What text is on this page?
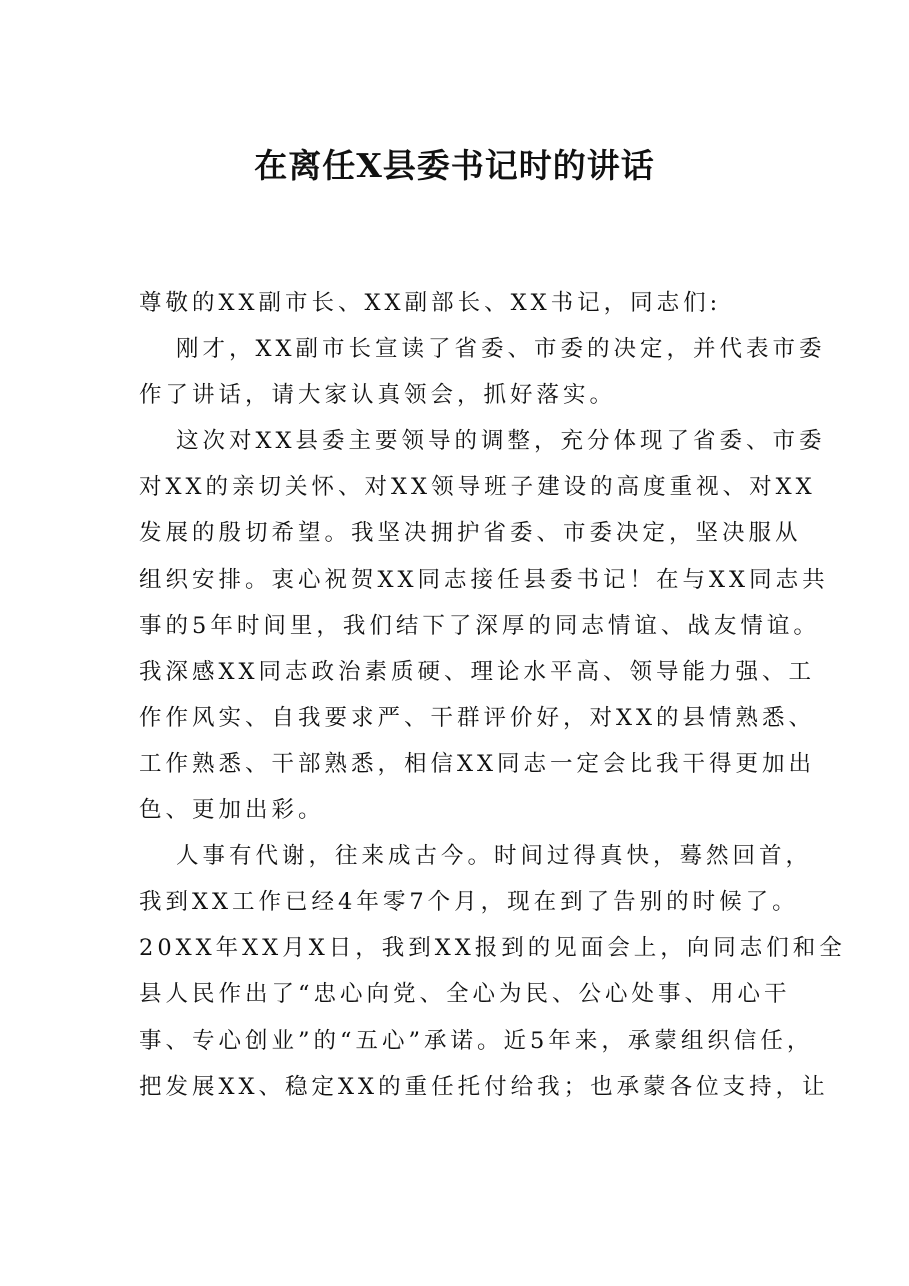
在离任X县委书记时的讲话
尊敬的XX副市长、XX副部长、XX书记，同志们:
刚才，XX副市长宣读了省委、市委的决定，并代表市委
作了讲话，请大家认真领会，抓好落实。
这次对XX县委主要领导的调整，充分体现了省委、市委
对XX的亲切关怀、对XX领导班子建设的高度重视、对XX
发展的殷切希望。我坚决拥护省委、市委决定，坚决服从
组织安排。衷心祝贺XX同志接任县委书记！在与XX同志共
事的5年时间里，我们结下了深厚的同志情谊、战友情谊。
我深感XX同志政治素质硬、理论水平高、领导能力强、工
作作风实、自我要求严、干群评价好，对XX的县情熟悉、
工作熟悉、干部熟悉，相信XX同志一定会比我干得更加出
色、更加出彩。
人事有代谢，往来成古今。时间过得真快，蓦然回首，
我到XX工作已经4年零7个月，现在到了告别的时候了。
20XX年XX月X日，我到XX报到的见面会上，向同志们和全
县人民作出了“忠心向党、全心为民、公心处事、用心干
事、专心创业”的“五心”承诺。近5年来，承蒙组织信任，
把发展XX、稳定XX的重任托付给我；也承蒙各位支持，让
